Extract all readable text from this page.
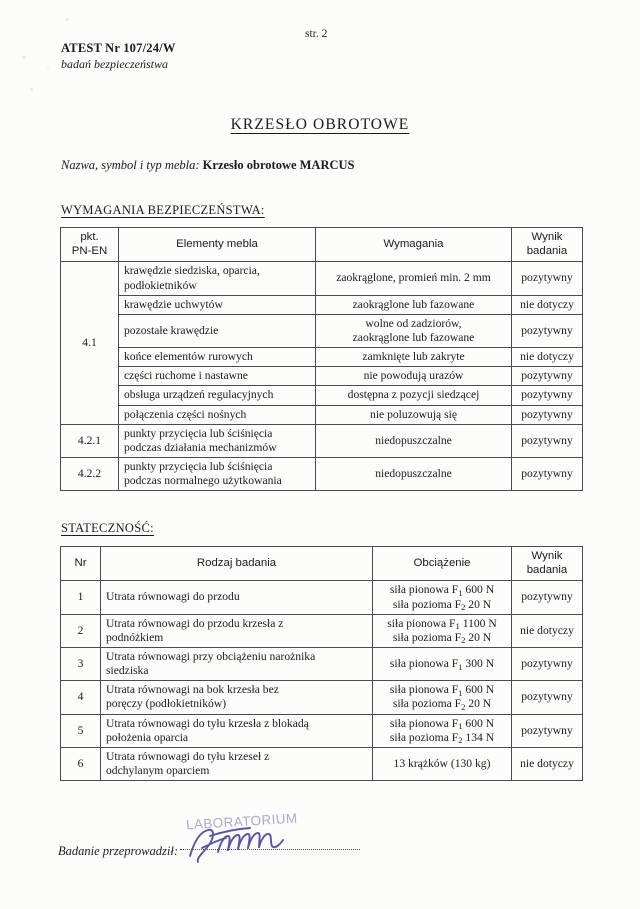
str. 2
ATEST Nr 107/24/W
badań bezpieczeństwa
KRZESŁO OBROTOWE
Nazwa, symbol i typ mebla: Krzesło obrotowe MARCUS
WYMAGANIA BEZPIECZEŃSTWA:
pkt.
PN-EN	Elementy mebla	Wymagania	Wynik
badania

4.1	krawędzie siedziska, oparcia,
podłokietników	zaokrąglone, promień min. 2 mm	pozytywny
	krawędzie uchwytów	zaokrąglone lub fazowane	nie dotyczy
	pozostałe krawędzie	wolne od zadziorów,
zaokrąglone lub fazowane	pozytywny
	końce elementów rurowych	zamknięte lub zakryte	nie dotyczy
	części ruchome i nastawne	nie powodują urazów	pozytywny
	obsługa urządzeń regulacyjnych	dostępna z pozycji siedzącej	pozytywny
	połączenia części nośnych	nie poluzowują się	pozytywny
4.2.1	punkty przycięcia lub ściśnięcia
podczas działania mechanizmów	niedopuszczalne	pozytywny
4.2.2	punkty przycięcia lub ściśnięcia
podczas normalnego użytkowania	niedopuszczalne	pozytywny
STATECZNOŚĆ:
Nr	Rodzaj badania	Obciążenie	Wynik
badania

1	Utrata równowagi do przodu	siła pionowa $F_1$ 600 N
siła pozioma $F_2$ 20 N	pozytywny
2	Utrata równowagi do przodu krzesła z
podnóżkiem	siła pionowa $F_1$ 1100 N
siła pozioma $F_2$ 20 N	nie dotyczy
3	Utrata równowagi przy obciążeniu narożnika
siedziska	siła pionowa $F_1$ 300 N	pozytywny
4	Utrata równowagi na bok krzesła bez
poręczy (podłokietników)	siła pionowa $F_1$ 600 N
siła pozioma $F_2$ 20 N	pozytywny
5	Utrata równowagi do tyłu krzesła z blokadą
położenia oparcia	siła pionowa $F_1$ 600 N
siła pozioma $F_2$ 134 N	pozytywny
6	Utrata równowagi do tyłu krzeseł z
odchylanym oparciem	13 krążków (130 kg)	nie dotyczy
Badanie przeprowadził:
LABORATORIUM
